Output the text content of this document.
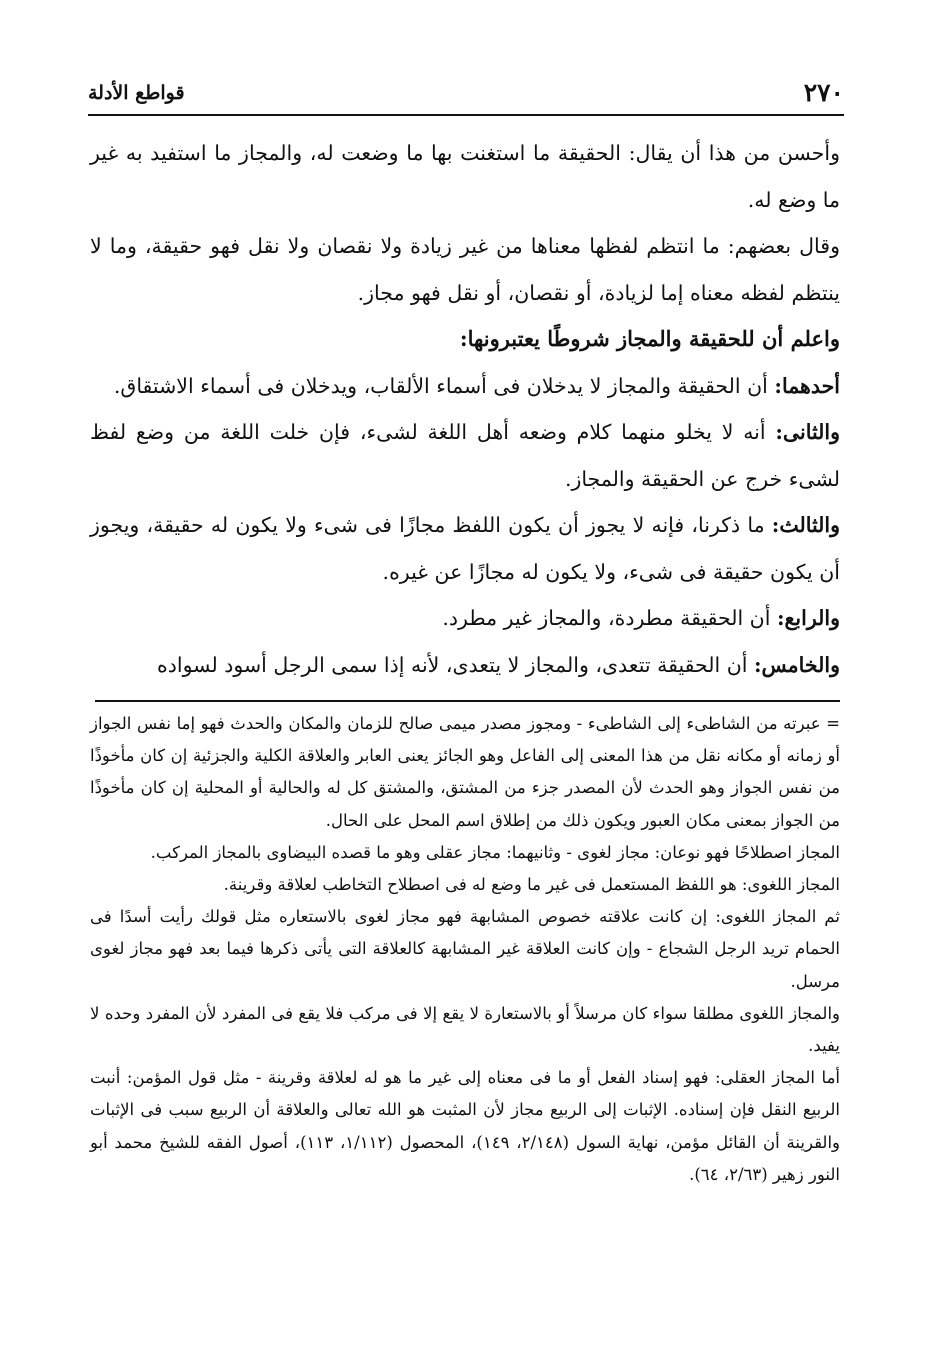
٢٧٠
قواطع الأدلة

وأحسن من هذا أن يقال: الحقيقة ما استغنت بها ما وضعت له، والمجاز ما استفيد به غير ما وضع له.

وقال بعضهم: ما انتظم لفظها معناها من غير زيادة ولا نقصان ولا نقل فهو حقيقة، وما لا ينتظم لفظه معناه إما لزيادة، أو نقصان، أو نقل فهو مجاز.

واعلم أن للحقيقة والمجاز شروطًا يعتبرونها:

أحدهما: أن الحقيقة والمجاز لا يدخلان فى أسماء الألقاب، ويدخلان فى أسماء الاشتقاق.

والثانى: أنه لا يخلو منهما كلام وضعه أهل اللغة لشىء، فإن خلت اللغة من وضع لفظ لشىء خرج عن الحقيقة والمجاز.

والثالث: ما ذكرنا، فإنه لا يجوز أن يكون اللفظ مجازًا فى شىء ولا يكون له حقيقة، ويجوز أن يكون حقيقة فى شىء، ولا يكون له مجازًا عن غيره.

والرابع: أن الحقيقة مطردة، والمجاز غير مطرد.

والخامس: أن الحقيقة تتعدى، والمجاز لا يتعدى، لأنه إذا سمى الرجل أسود لسواده

= عبرته من الشاطىء إلى الشاطىء - ومجوز مصدر ميمى صالح للزمان والمكان والحدث فهو إما نفس الجواز أو زمانه أو مكانه نقل من هذا المعنى إلى الفاعل وهو الجائز يعنى العابر والعلاقة الكلية والجزئية إن كان مأخوذًا من نفس الجواز وهو الحدث لأن المصدر جزء من المشتق، والمشتق كل له والحالية أو المحلية إن كان مأخوذًا من الجواز بمعنى مكان العبور ويكون ذلك من إطلاق اسم المحل على الحال.

المجاز اصطلاحًا فهو نوعان: مجاز لغوى - وثانيهما: مجاز عقلى وهو ما قصده البيضاوى بالمجاز المركب.

المجاز اللغوى: هو اللفظ المستعمل فى غير ما وضع له فى اصطلاح التخاطب لعلاقة وقرينة.

ثم المجاز اللغوى: إن كانت علاقته خصوص المشابهة فهو مجاز لغوى بالاستعاره مثل قولك رأيت أسدًا فى الحمام تريد الرجل الشجاع - وإن كانت العلاقة غير المشابهة كالعلاقة التى يأتى ذكرها فيما بعد فهو مجاز لغوى مرسل.

والمجاز اللغوى مطلقا سواء كان مرسلاً أو بالاستعارة لا يقع إلا فى مركب فلا يقع فى المفرد لأن المفرد وحده لا يفيد.

أما المجاز العقلى: فهو إسناد الفعل أو ما فى معناه إلى غير ما هو له لعلاقة وقرينة - مثل قول المؤمن: أنبت الربيع النقل فإن إسناده. الإثبات إلى الربيع مجاز لأن المثبت هو الله تعالى والعلاقة أن الربيع سبب فى الإثبات والقرينة أن القائل مؤمن، نهاية السول (٢/١٤٨، ١٤٩)، المحصول (١/١١٢، ١١٣)، أصول الفقه للشيخ محمد أبو النور زهير (٢/٦٣، ٦٤).
